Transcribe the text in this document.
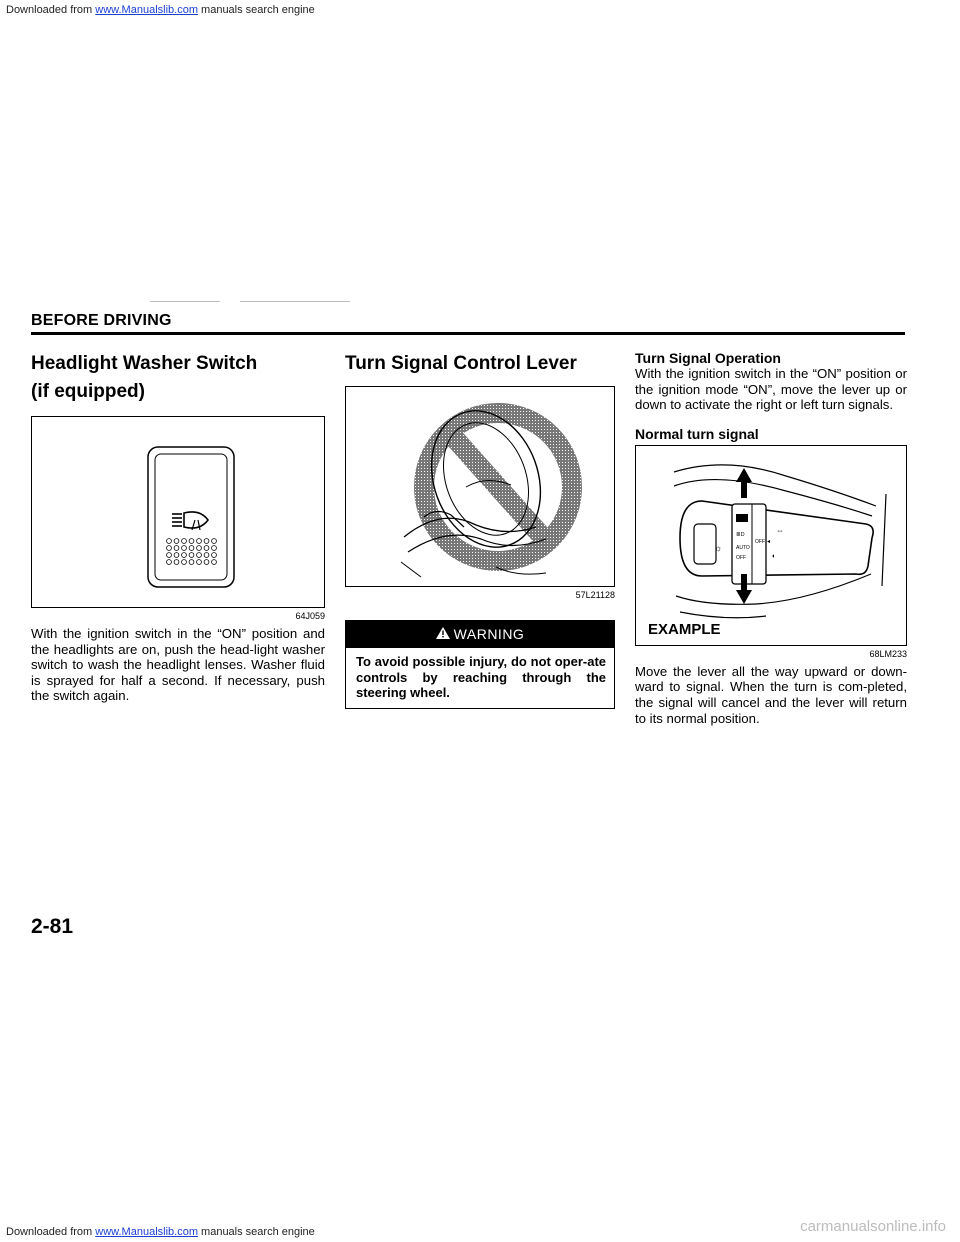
Downloaded from www.Manualslib.com manuals search engine
BEFORE DRIVING
Headlight Washer Switch
(if equipped)
64J059

With the ignition switch in the “ON” position and the headlights are on, push the head-light washer switch to wash the headlight lenses. Washer fluid is sprayed for half a second. If necessary, push the switch again.

Turn Signal Control Lever
57L21128
WARNING
To avoid possible injury, do not oper-ate controls by reaching through the steering wheel.

Turn Signal Operation

With the ignition switch in the “ON” position or the ignition mode “ON”, move the lever up or down to activate the right or left turn signals.

Normal turn signal

≣D
AUTO
OFF
OFF
☼
◂
⇔
◐
EXAMPLE
68LM233

Move the lever all the way upward or down-ward to signal. When the turn is com-pleted, the signal will cancel and the lever will return to its normal position.

2-81
Downloaded from www.Manualslib.com manuals search engine	carmanualsonline.info
